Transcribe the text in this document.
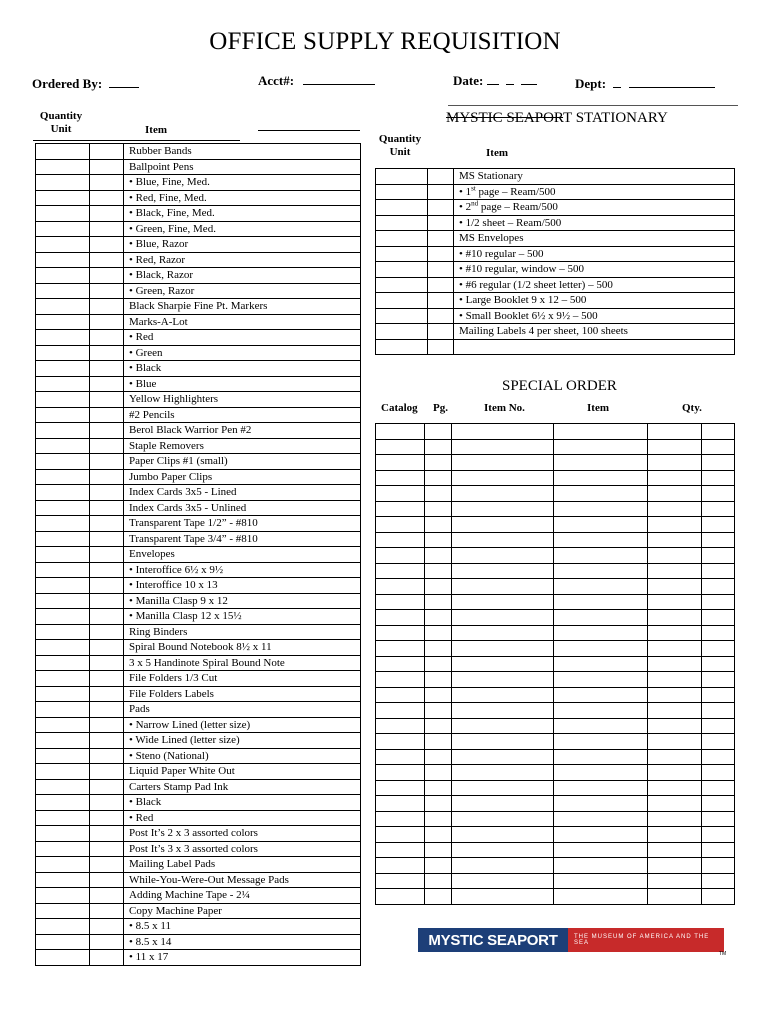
OFFICE SUPPLY REQUISITION
Ordered By:	Acct#:	Date:	Dept:
Quantity
Unit	Item
		Rubber Bands
		Ballpoint Pens
		• Blue, Fine, Med.
		• Red, Fine, Med.
		• Black, Fine, Med.
		• Green, Fine, Med.
		• Blue, Razor
		• Red, Razor
		• Black, Razor
		• Green, Razor
		Black Sharpie Fine Pt. Markers
		Marks-A-Lot
		• Red
		• Green
		• Black
		• Blue
		Yellow Highlighters
		#2 Pencils
		Berol Black Warrior Pen #2
		Staple Removers
		Paper Clips #1 (small)
		Jumbo Paper Clips
		Index Cards 3x5 - Lined
		Index Cards 3x5 - Unlined
		Transparent Tape 1/2” - #810
		Transparent Tape 3/4” - #810
		Envelopes
		• Interoffice 6½ x 9½
		• Interoffice 10 x 13
		• Manilla Clasp 9 x 12
		• Manilla Clasp 12 x 15½
		Ring Binders
		Spiral Bound Notebook 8½ x 11
		3 x 5 Handinote Spiral Bound Note
		File Folders 1/3 Cut
		File Folders Labels
		Pads
		• Narrow Lined (letter size)
		• Wide Lined (letter size)
		• Steno (National)
		Liquid Paper White Out
		Carters Stamp Pad Ink
		• Black
		• Red
		Post It’s 2 x 3 assorted colors
		Post It’s 3 x 3 assorted colors
		Mailing Label Pads
		While-You-Were-Out Message Pads
		Adding Machine Tape - 2¼
		Copy Machine Paper
		• 8.5 x 11
		• 8.5 x 14
		• 11 x 17
MYSTIC SEAPORT STATIONARY
Quantity
Unit	Item
		MS Stationary
		• 1st page – Ream/500
		• 2nd page – Ream/500
		• 1/2 sheet – Ream/500
		MS Envelopes
		• #10 regular – 500
		• #10 regular, window – 500
		• #6 regular (1/2 sheet letter) – 500
		• Large Booklet 9 x 12 – 500
		• Small Booklet 6½ x 9½ – 500
		Mailing Labels 4 per sheet, 100 sheets

SPECIAL ORDER
Catalog Pg.	Item No.	Item	Qty.

MYSTIC SEAPORT	THE MUSEUM OF AMERICA AND THE SEA
TM
